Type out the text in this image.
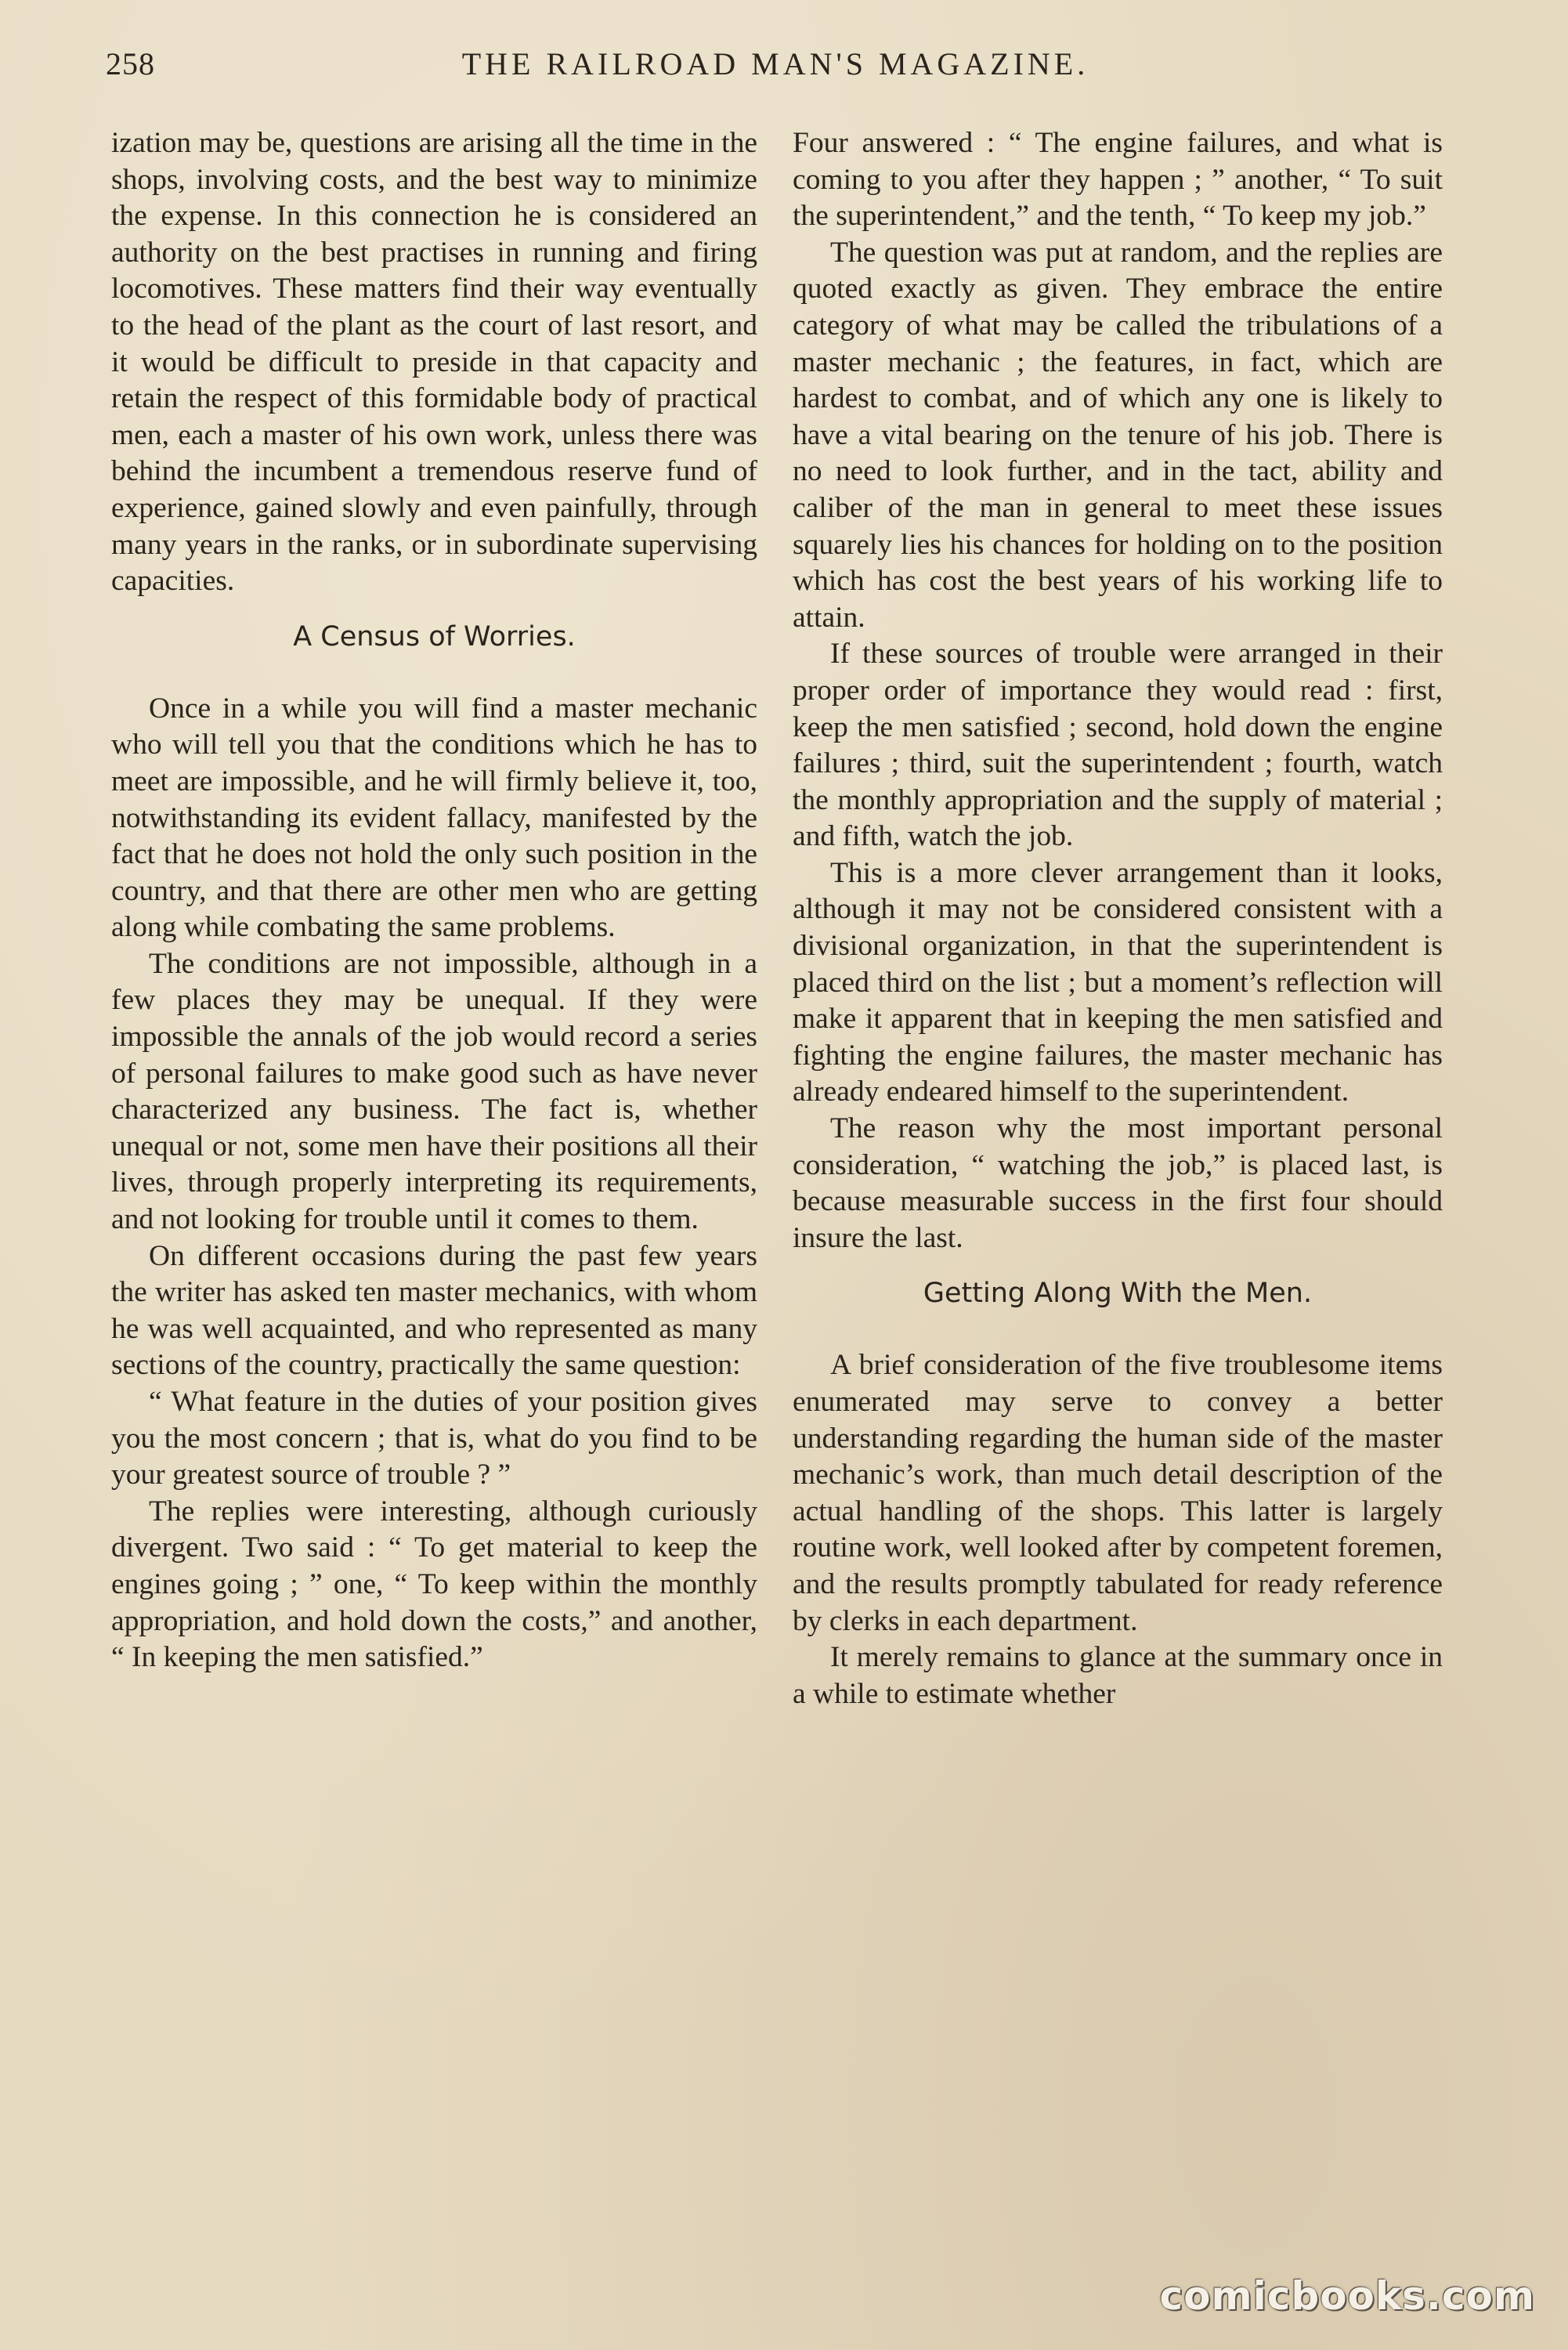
258	THE RAILROAD MAN'S MAGAZINE.

ization may be, questions are arising all the time in the shops, involving costs, and the best way to minimize the expense. In this connection he is considered an authority on the best practises in running and firing locomotives. These matters find their way eventually to the head of the plant as the court of last resort, and it would be difficult to preside in that capacity and retain the respect of this formidable body of practical men, each a master of his own work, unless there was behind the incumbent a tremendous reserve fund of experience, gained slowly and even painfully, through many years in the ranks, or in subordinate supervising capacities.

A Census of Worries.

Once in a while you will find a master mechanic who will tell you that the conditions which he has to meet are impossible, and he will firmly believe it, too, notwithstanding its evident fallacy, manifested by the fact that he does not hold the only such position in the country, and that there are other men who are getting along while combating the same problems.

The conditions are not impossible, although in a few places they may be unequal. If they were impossible the annals of the job would record a series of personal failures to make good such as have never characterized any business. The fact is, whether unequal or not, some men have their positions all their lives, through properly interpreting its requirements, and not looking for trouble until it comes to them.

On different occasions during the past few years the writer has asked ten master mechanics, with whom he was well acquainted, and who represented as many sections of the country, practically the same question:

“ What feature in the duties of your position gives you the most concern ; that is, what do you find to be your greatest source of trouble ? ”

The replies were interesting, although curiously divergent. Two said : “ To get material to keep the engines going ; ” one, “ To keep within the monthly appropriation, and hold down the costs,” and another, “ In keeping the men satisfied.”

Four answered : “ The engine failures, and what is coming to you after they happen ; ” another, “ To suit the superintendent,” and the tenth, “ To keep my job.”

The question was put at random, and the replies are quoted exactly as given. They embrace the entire category of what may be called the tribulations of a master mechanic ; the features, in fact, which are hardest to combat, and of which any one is likely to have a vital bearing on the tenure of his job. There is no need to look further, and in the tact, ability and caliber of the man in general to meet these issues squarely lies his chances for holding on to the position which has cost the best years of his working life to attain.

If these sources of trouble were arranged in their proper order of importance they would read : first, keep the men satisfied ; second, hold down the engine failures ; third, suit the superintendent ; fourth, watch the monthly appropriation and the supply of material ; and fifth, watch the job.

This is a more clever arrangement than it looks, although it may not be considered consistent with a divisional organization, in that the superintendent is placed third on the list ; but a moment’s reflection will make it apparent that in keeping the men satisfied and fighting the engine failures, the master mechanic has already endeared himself to the superintendent.

The reason why the most important personal consideration, “ watching the job,” is placed last, is because measurable success in the first four should insure the last.

Getting Along With the Men.

A brief consideration of the five troublesome items enumerated may serve to convey a better understanding regarding the human side of the master mechanic’s work, than much detail description of the actual handling of the shops. This latter is largely routine work, well looked after by competent foremen, and the results promptly tabulated for ready reference by clerks in each department.

It merely remains to glance at the summary once in a while to estimate whether

comicbooks.com
